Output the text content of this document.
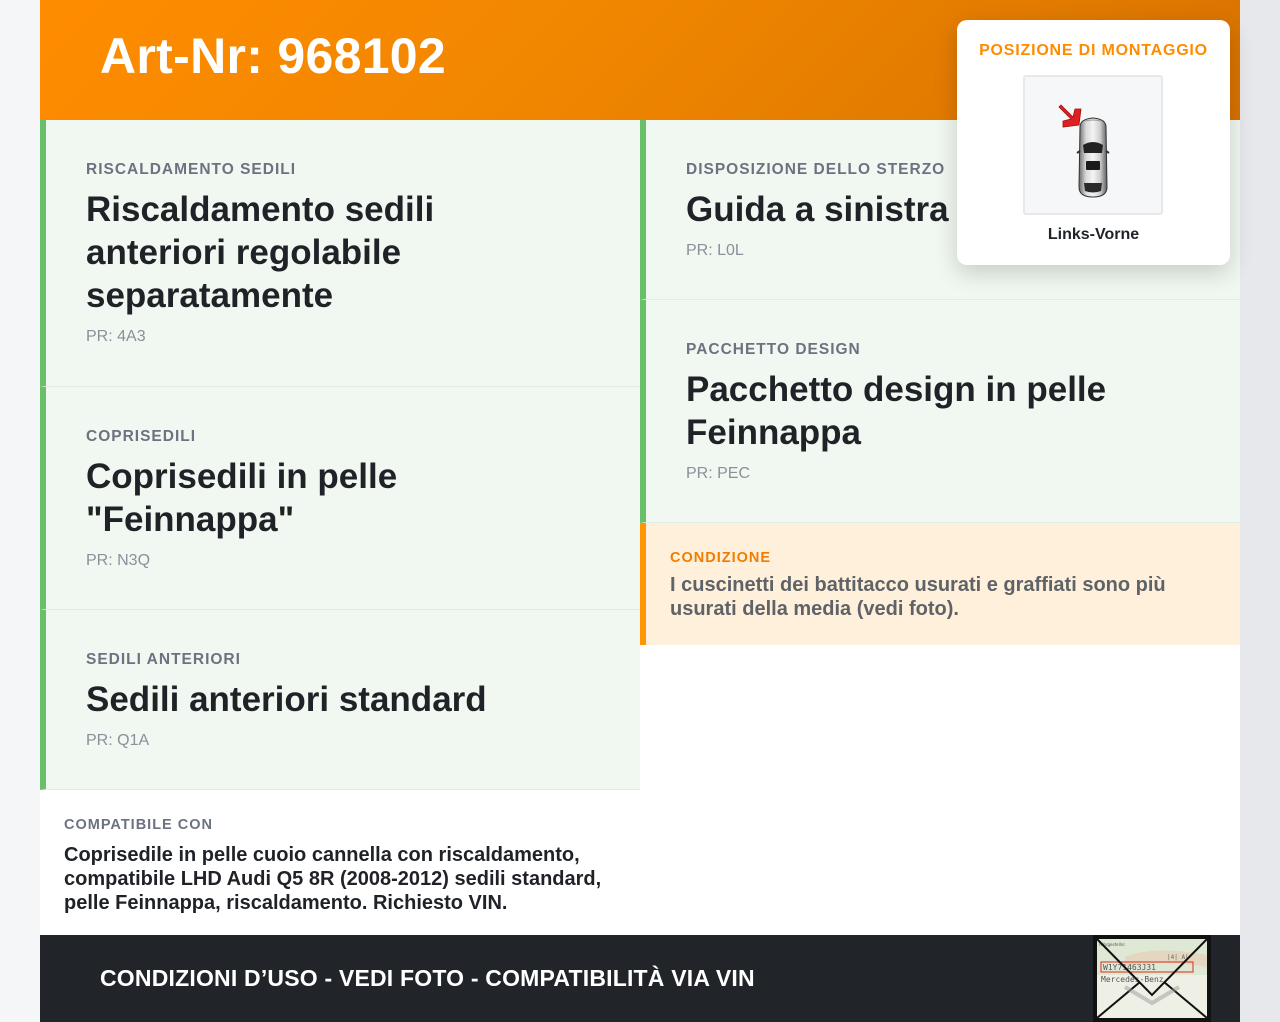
Art-Nr: 968102
RISCALDAMENTO SEDILI
Riscaldamento sedili anteriori regolabile separatamente
PR: 4A3
COPRISEDILI
Coprisedili in pelle "Feinnappa"
PR: N3Q
SEDILI ANTERIORI
Sedili anteriori standard
PR: Q1A
COMPATIBILE CON
Coprisedile in pelle cuoio cannella con riscaldamento, compatibile LHD Audi Q5 8R (2008-2012) sedili standard, pelle Feinnappa, riscaldamento. Richiesto VIN.
DISPOSIZIONE DELLO STERZO
Guida a sinistra
PR: L0L
PACCHETTO DESIGN
Pacchetto design in pelle Feinnappa
PR: PEC
CONDIZIONE
I cuscinetti dei battitacco usurati e graffiati sono più usurati della media (vedi foto).
CONDIZIONI D’USO - VEDI FOTO - COMPATIBILITÀ VIA VIN
Fahrgestellnr.
|4| A|
W1Y71463J31
Mercedes-Benz
POSIZIONE DI MONTAGGIO
Links-Vorne
